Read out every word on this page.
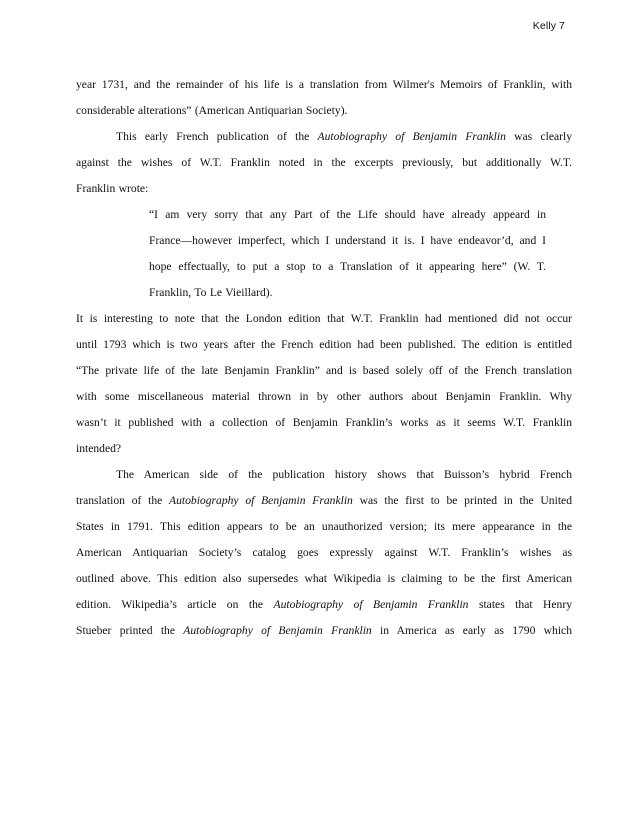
Kelly 7
year 1731, and the remainder of his life is a translation from Wilmer's Memoirs of Franklin, with
considerable alterations” (American Antiquarian Society).
This early French publication of the Autobiography of Benjamin Franklin was clearly
against the wishes of W.T. Franklin noted in the excerpts previously, but additionally W.T.
Franklin wrote:
“I am very sorry that any Part of the Life should have already appeard in
France—however imperfect, which I understand it is. I have endeavor’d, and I
hope effectually, to put a stop to a Translation of it appearing here” (W. T.
Franklin, To Le Vieillard).
It is interesting to note that the London edition that W.T. Franklin had mentioned did not occur
until 1793 which is two years after the French edition had been published. The edition is entitled
“The private life of the late Benjamin Franklin” and is based solely off of the French translation
with some miscellaneous material thrown in by other authors about Benjamin Franklin. Why
wasn’t it published with a collection of Benjamin Franklin’s works as it seems W.T. Franklin
intended?
The American side of the publication history shows that Buisson’s hybrid French
translation of the Autobiography of Benjamin Franklin was the first to be printed in the United
States in 1791. This edition appears to be an unauthorized version; its mere appearance in the
American Antiquarian Society’s catalog goes expressly against W.T. Franklin’s wishes as
outlined above. This edition also supersedes what Wikipedia is claiming to be the first American
edition. Wikipedia’s article on the Autobiography of Benjamin Franklin states that Henry
Stueber printed the Autobiography of Benjamin Franklin in America as early as 1790 which
